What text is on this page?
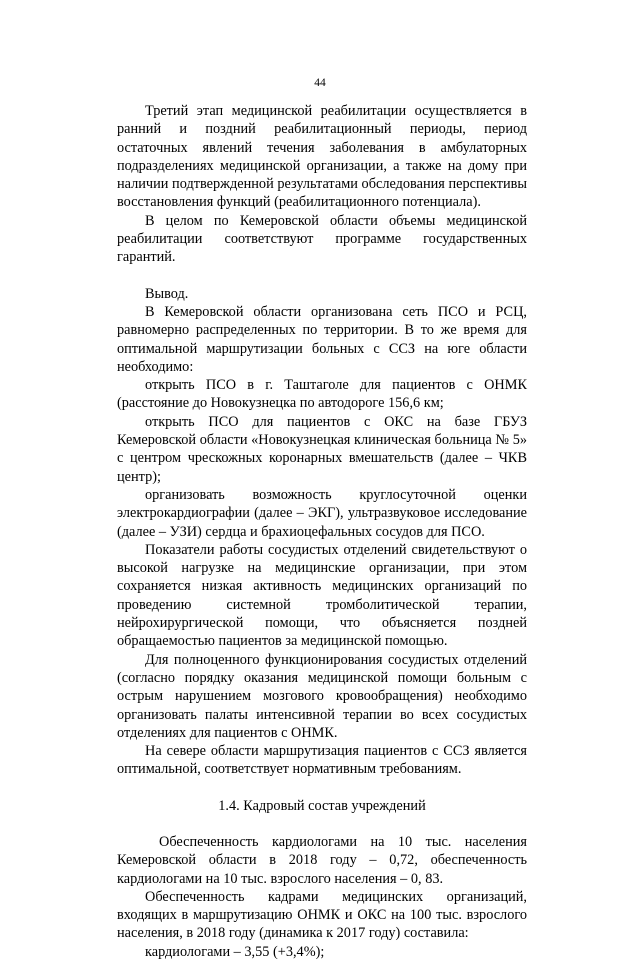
44

Третий этап медицинской реабилитации осуществляется в ранний и поздний реабилитационный периоды, период остаточных явлений течения заболевания в амбулаторных подразделениях медицинской организации, а также на дому при наличии подтвержденной результатами обследования перспективы восстановления функций (реабилитационного потенциала).

В целом по Кемеровской области объемы медицинской реабилитации соответствуют программе государственных гарантий.

Вывод.

В Кемеровской области организована сеть ПСО и РСЦ, равномерно распределенных по территории. В то же время для оптимальной маршрутизации больных с ССЗ на юге области необходимо:

открыть ПСО в г. Таштаголе для пациентов с ОНМК (расстояние до Новокузнецка по автодороге 156,6 км;

открыть ПСО для пациентов с ОКС на базе ГБУЗ Кемеровской области «Новокузнецкая клиническая больница № 5» с центром чрескожных коронарных вмешательств (далее – ЧКВ центр);

организовать возможность круглосуточной оценки электрокардиографии (далее – ЭКГ), ультразвуковое исследование (далее – УЗИ) сердца и брахиоцефальных сосудов для ПСО.

Показатели работы сосудистых отделений свидетельствуют о высокой нагрузке на медицинские организации, при этом сохраняется низкая активность медицинских организаций по проведению системной тромболитической терапии, нейрохирургической помощи, что объясняется поздней обращаемостью пациентов за медицинской помощью.

Для полноценного функционирования сосудистых отделений (согласно порядку оказания медицинской помощи больным с острым нарушением мозгового кровообращения) необходимо организовать палаты интенсивной терапии во всех сосудистых отделениях для пациентов с ОНМК.

На севере области маршрутизация пациентов с ССЗ является оптимальной, соответствует нормативным требованиям.

1.4. Кадровый состав учреждений

Обеспеченность кардиологами на 10 тыс. населения Кемеровской области в 2018 году – 0,72, обеспеченность кардиологами на 10 тыс. взрослого населения – 0, 83.

Обеспеченность кадрами медицинских организаций, входящих в маршрутизацию ОНМК и ОКС на 100 тыс. взрослого населения, в 2018 году (динамика к 2017 году) составила:

кардиологами – 3,55 (+3,4%);
